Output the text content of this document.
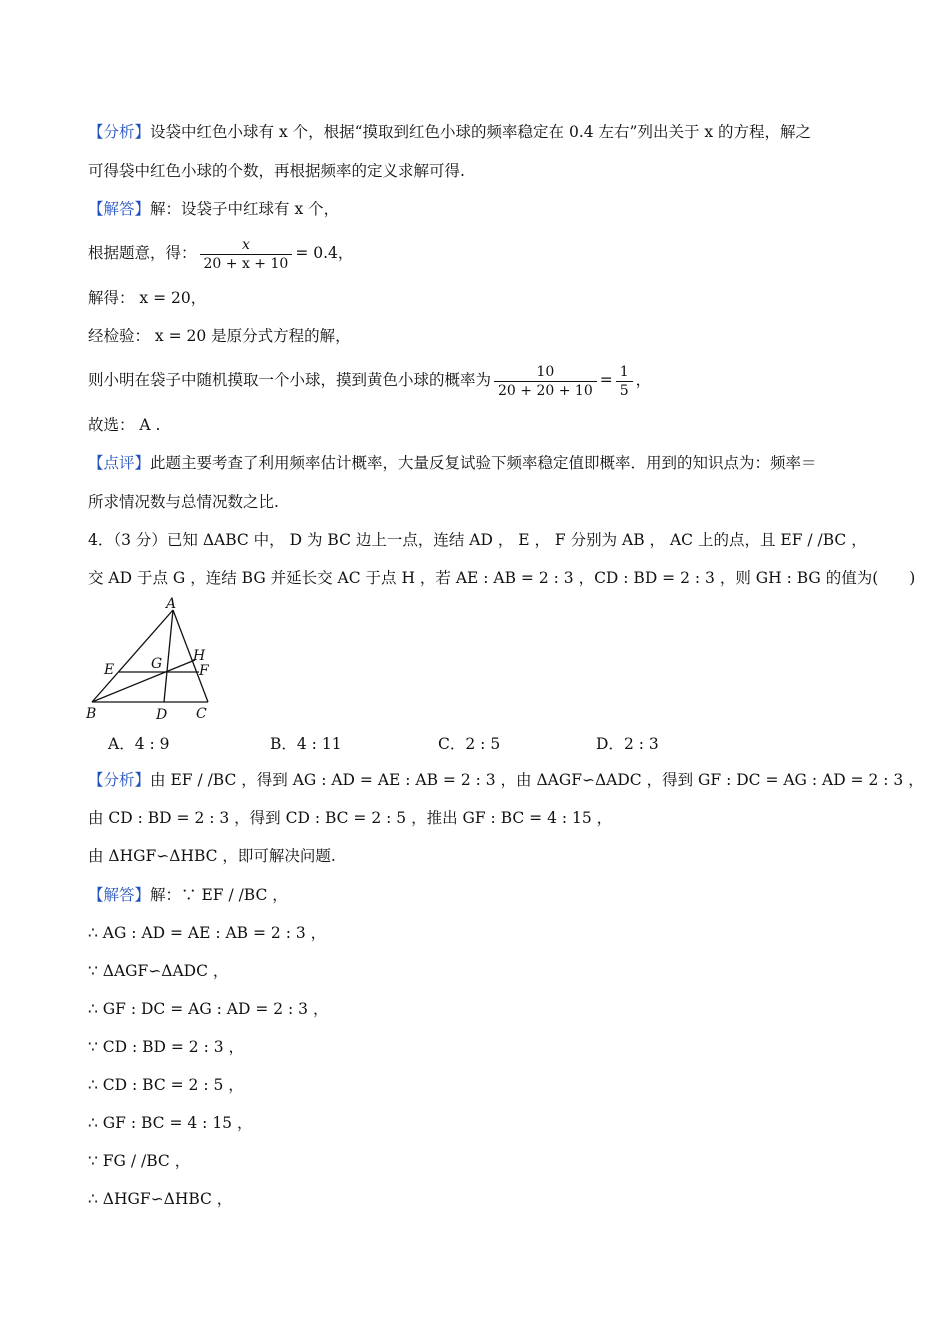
【分析】设袋中红色小球有 x 个，根据“摸取到红色小球的频率稳定在 0.4 左右”列出关于 x 的方程，解之
可得袋中红色小球的个数，再根据频率的定义求解可得.
【解答】解：设袋子中红球有 x 个，
根据题意，得： $\frac{x}{20 + x + 10} = 0.4$，
解得： x = 20，
经检验： x = 20 是原分式方程的解，
则小明在袋子中随机摸取一个小球，摸到黄色小球的概率为 $\frac{10}{20 + 20 + 10} = \frac{1}{5}$ ，
故选： A .
【点评】此题主要考查了利用频率估计概率，大量反复试验下频率稳定值即概率．用到的知识点为：频率＝
所求情况数与总情况数之比.
4．（3 分）已知 ΔABC 中， D 为 BC 边上一点，连结 AD ， E ， F 分别为 AB ， AC 上的点，且 EF / /BC ，
交 AD 于点 G ，连结 BG 并延长交 AC 于点 H ，若 AE : AB = 2 : 3 ，CD : BD = 2 : 3 ，则 GH : BG 的值为(　　)
A
B	C
D
E	F
G H
A．4 : 9	B．4 : 11	C．2 : 5	D．2 : 3
【分析】由 EF / /BC ，得到 AG : AD = AE : AB = 2 : 3 ，由 ΔAGF∽ΔADC ，得到 GF : DC = AG : AD = 2 : 3 ，
由 CD : BD = 2 : 3 ，得到 CD : BC = 2 : 5 ，推出 GF : BC = 4 : 15 ，
由 ΔHGF∽ΔHBC ，即可解决问题.
【解答】解：∵ EF / /BC ，
∴ AG : AD = AE : AB = 2 : 3 ，
∵ ΔAGF∽ΔADC ，
∴ GF : DC = AG : AD = 2 : 3 ，
∵ CD : BD = 2 : 3 ，
∴ CD : BC = 2 : 5 ，
∴ GF : BC = 4 : 15 ，
∵ FG / /BC ，
∴ ΔHGF∽ΔHBC ，
